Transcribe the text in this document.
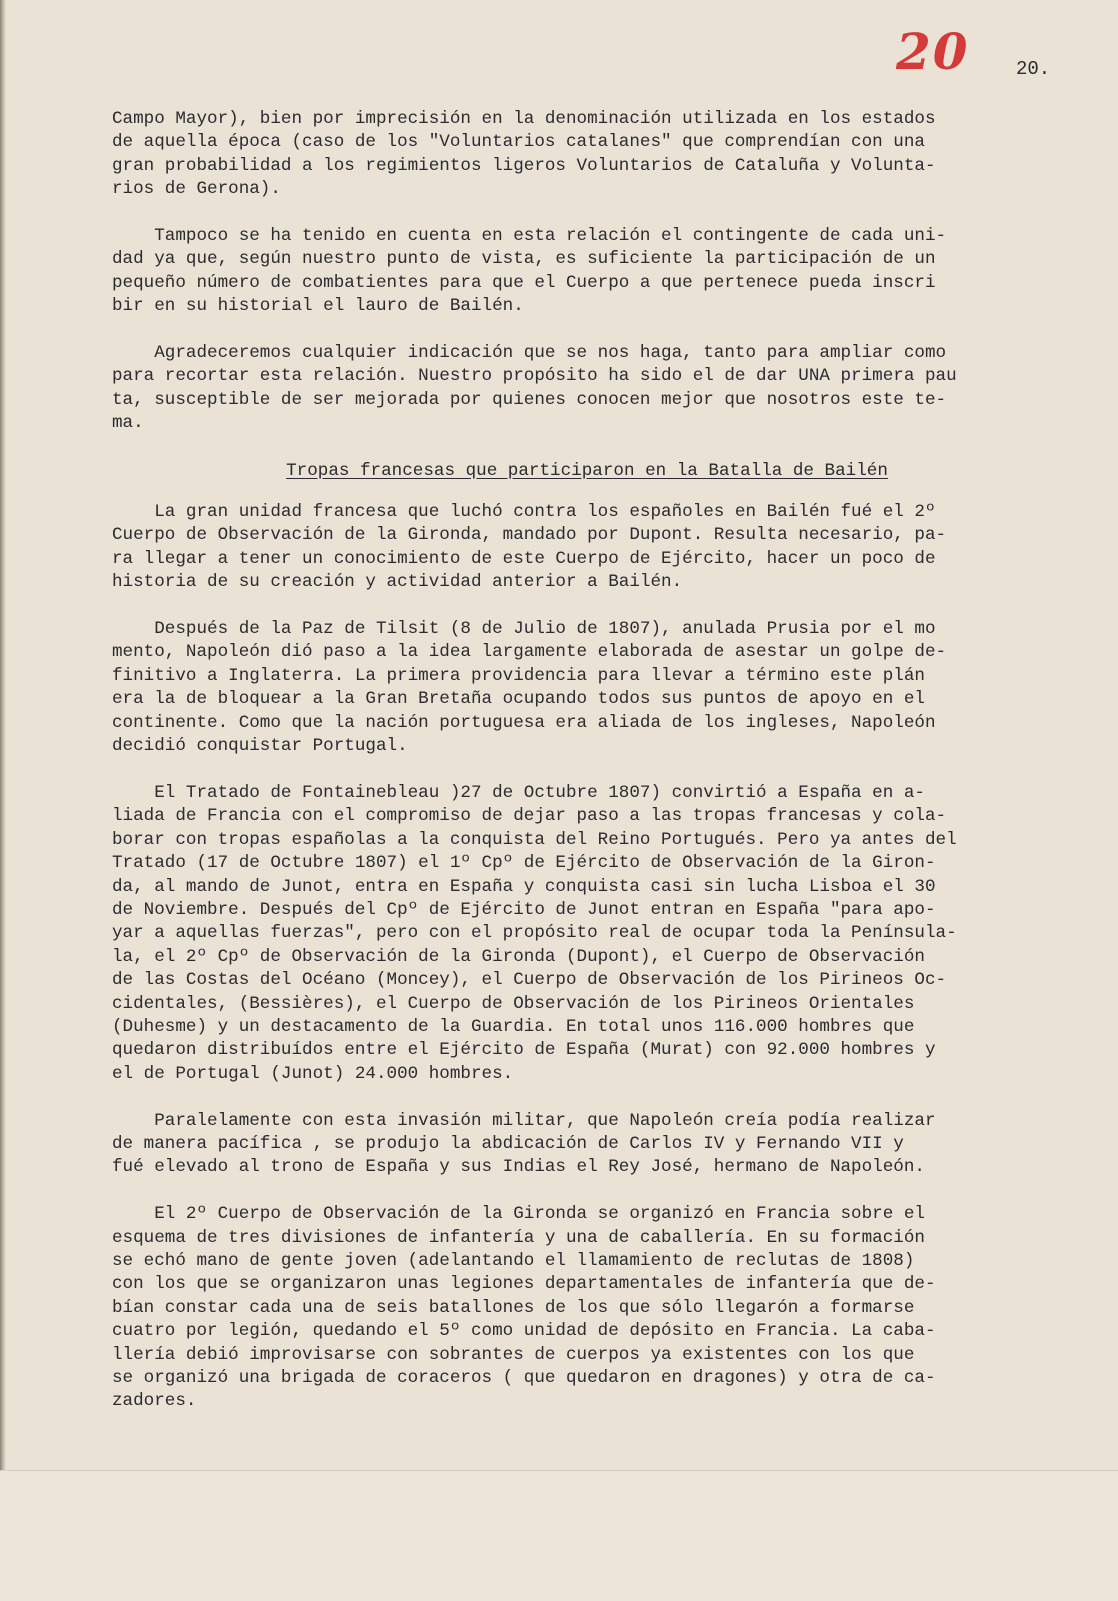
20 20.

Campo Mayor), bien por imprecisión en la denominación utilizada en los estados
de aquella época (caso de los "Voluntarios catalanes" que comprendían con una
gran probabilidad a los regimientos ligeros Voluntarios de Cataluña y Volunta-
rios de Gerona).

Tampoco se ha tenido en cuenta en esta relación el contingente de cada uni-
dad ya que, según nuestro punto de vista, es suficiente la participación de un
pequeño número de combatientes para que el Cuerpo a que pertenece pueda inscri
bir en su historial el lauro de Bailén.

Agradeceremos cualquier indicación que se nos haga, tanto para ampliar como
para recortar esta relación. Nuestro propósito ha sido el de dar UNA primera pau
ta, susceptible de ser mejorada por quienes conocen mejor que nosotros este te-
ma.

Tropas francesas que participaron en la Batalla de Bailén

La gran unidad francesa que luchó contra los españoles en Bailén fué el 2º
Cuerpo de Observación de la Gironda, mandado por Dupont. Resulta necesario, pa-
ra llegar a tener un conocimiento de este Cuerpo de Ejército, hacer un poco de
historia de su creación y actividad anterior a Bailén.

Después de la Paz de Tilsit (8 de Julio de 1807), anulada Prusia por el mo
mento, Napoleón dió paso a la idea largamente elaborada de asestar un golpe de-
finitivo a Inglaterra. La primera providencia para llevar a término este plán
era la de bloquear a la Gran Bretaña ocupando todos sus puntos de apoyo en el
continente. Como que la nación portuguesa era aliada de los ingleses, Napoleón
decidió conquistar Portugal.

El Tratado de Fontainebleau )27 de Octubre 1807) convirtió a España en a-
liada de Francia con el compromiso de dejar paso a las tropas francesas y cola-
borar con tropas españolas a la conquista del Reino Portugués. Pero ya antes del
Tratado (17 de Octubre 1807) el 1º Cpº de Ejército de Observación de la Giron-
da, al mando de Junot, entra en España y conquista casi sin lucha Lisboa el 30
de Noviembre. Después del Cpº de Ejército de Junot entran en España "para apo-
yar a aquellas fuerzas", pero con el propósito real de ocupar toda la Península-
la, el 2º Cpº de Observación de la Gironda (Dupont), el Cuerpo de Observación
de las Costas del Océano (Moncey), el Cuerpo de Observación de los Pirineos Oc-
cidentales, (Bessières), el Cuerpo de Observación de los Pirineos Orientales
(Duhesme) y un destacamento de la Guardia. En total unos 116.000 hombres que
quedaron distribuídos entre el Ejército de España (Murat) con 92.000 hombres y
el de Portugal (Junot) 24.000 hombres.

Paralelamente con esta invasión militar, que Napoleón creía podía realizar
de manera pacífica , se produjo la abdicación de Carlos IV y Fernando VII y
fué elevado al trono de España y sus Indias el Rey José, hermano de Napoleón.

El 2º Cuerpo de Observación de la Gironda se organizó en Francia sobre el
esquema de tres divisiones de infantería y una de caballería. En su formación
se echó mano de gente joven (adelantando el llamamiento de reclutas de 1808)
con los que se organizaron unas legiones departamentales de infantería que de-
bían constar cada una de seis batallones de los que sólo llegarón a formarse
cuatro por legión, quedando el 5º como unidad de depósito en Francia. La caba-
llería debió improvisarse con sobrantes de cuerpos ya existentes con los que
se organizó una brigada de coraceros ( que quedaron en dragones) y otra de ca-
zadores.
